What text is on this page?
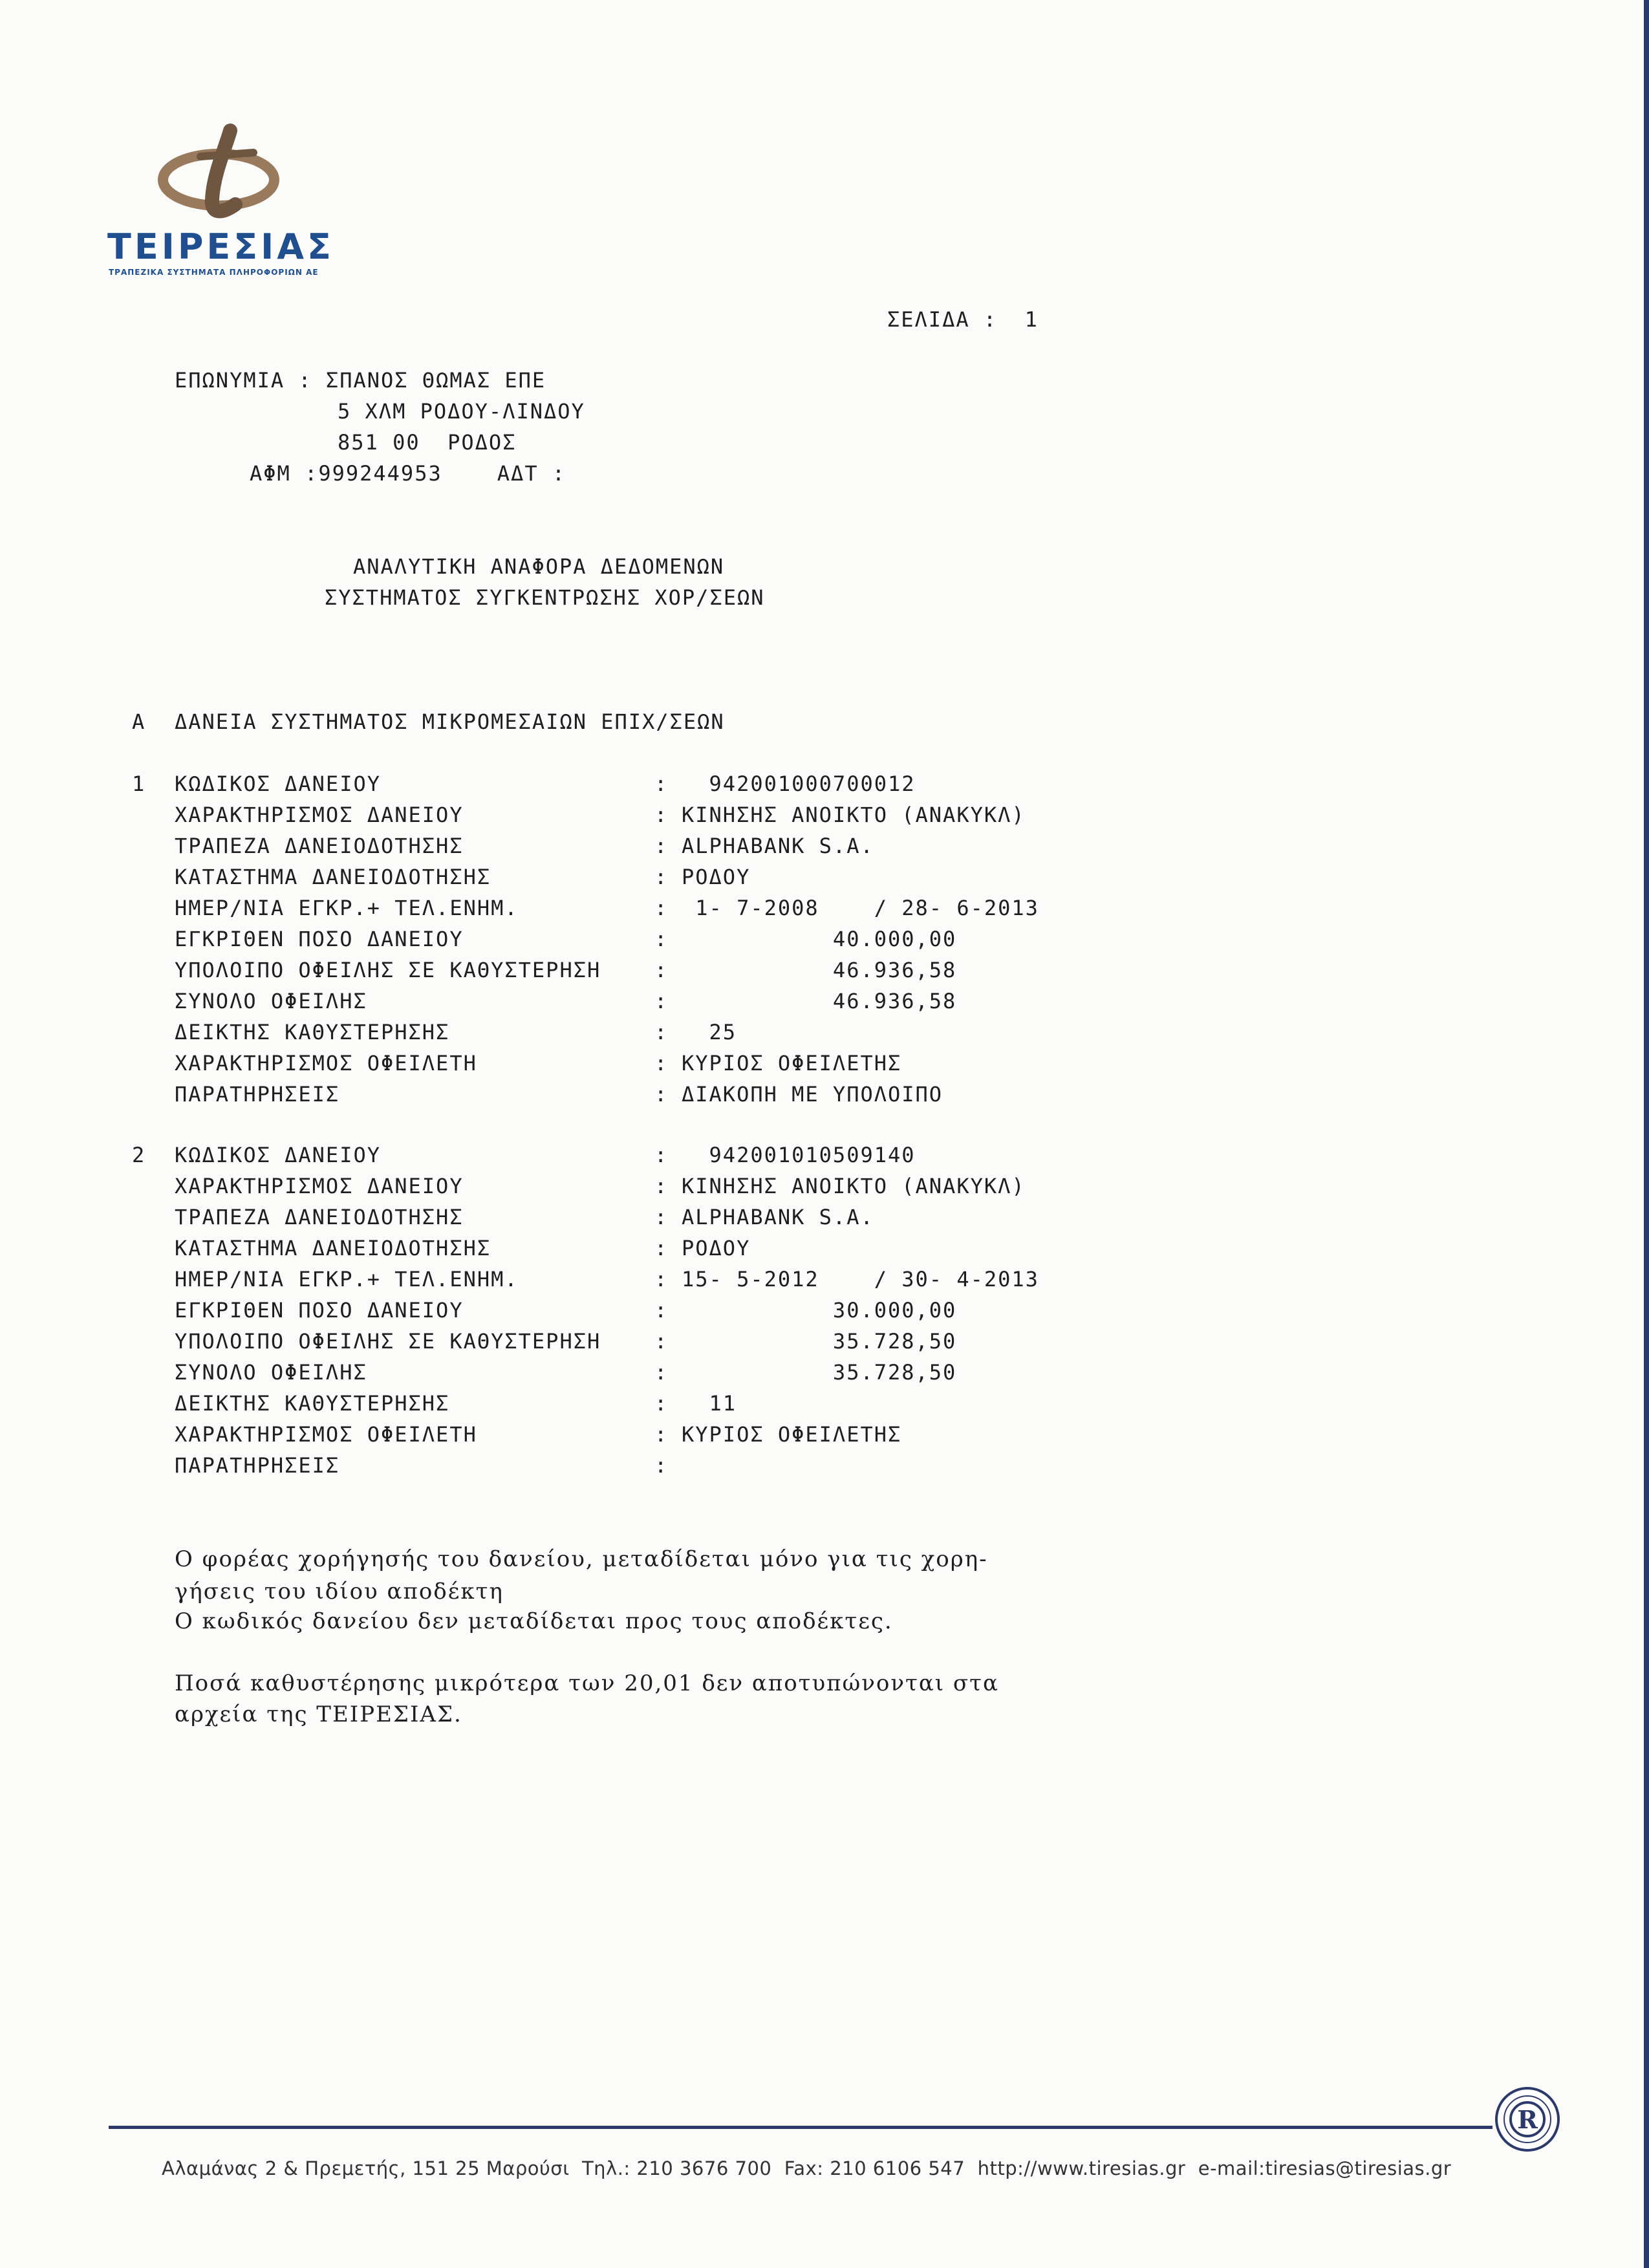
ΤΕΙΡΕΣΙΑΣ
ΤΡΑΠΕΖΙΚΑ ΣΥΣΤΗΜΑΤΑ ΠΛΗΡΟΦΟΡΙΩΝ ΑΕ
ΣΕΛΙΔΑ :  1
ΕΠΩΝΥΜΙΑ : ΣΠΑΝΟΣ ΘΩΜΑΣ ΕΠΕ
5 ΧΛΜ ΡΟΔΟΥ-ΛΙΝΔΟΥ
851 00  ΡΟΔΟΣ
ΑΦΜ :999244953    ΑΔΤ :
ΑΝΑΛΥΤΙΚΗ ΑΝΑΦΟΡΑ ΔΕΔΟΜΕΝΩΝ
ΣΥΣΤΗΜΑΤΟΣ ΣΥΓΚΕΝΤΡΩΣΗΣ ΧΟΡ/ΣΕΩΝ
Α ΔΑΝΕΙΑ ΣΥΣΤΗΜΑΤΟΣ ΜΙΚΡΟΜΕΣΑΙΩΝ ΕΠΙΧ/ΣΕΩΝ
1 ΚΩΔΙΚΟΣ ΔΑΝΕΙΟΥ	: 942001000700012
ΧΑΡΑΚΤΗΡΙΣΜΟΣ ΔΑΝΕΙΟΥ	: ΚΙΝΗΣΗΣ ΑΝΟΙΚΤΟ (ΑΝΑΚΥΚΛ)
ΤΡΑΠΕΖΑ ΔΑΝΕΙΟΔΟΤΗΣΗΣ	: ALPHABANK S.A.
ΚΑΤΑΣΤΗΜΑ ΔΑΝΕΙΟΔΟΤΗΣΗΣ	: ΡΟΔΟΥ
ΗΜΕΡ/ΝΙΑ ΕΓΚΡ.+ ΤΕΛ.ΕΝΗΜ.	: 1- 7-2008    / 28- 6-2013
ΕΓΚΡΙΘΕΝ ΠΟΣΟ ΔΑΝΕΙΟΥ	: 40.000,00
ΥΠΟΛΟΙΠΟ ΟΦΕΙΛΗΣ ΣΕ ΚΑΘΥΣΤΕΡΗΣΗ	: 46.936,58
ΣΥΝΟΛΟ ΟΦΕΙΛΗΣ	: 46.936,58
ΔΕΙΚΤΗΣ ΚΑΘΥΣΤΕΡΗΣΗΣ	: 25
ΧΑΡΑΚΤΗΡΙΣΜΟΣ ΟΦΕΙΛΕΤΗ	: ΚΥΡΙΟΣ ΟΦΕΙΛΕΤΗΣ
ΠΑΡΑΤΗΡΗΣΕΙΣ	: ΔΙΑΚΟΠΗ ΜΕ ΥΠΟΛΟΙΠΟ
2 ΚΩΔΙΚΟΣ ΔΑΝΕΙΟΥ	: 942001010509140
ΧΑΡΑΚΤΗΡΙΣΜΟΣ ΔΑΝΕΙΟΥ	: ΚΙΝΗΣΗΣ ΑΝΟΙΚΤΟ (ΑΝΑΚΥΚΛ)
ΤΡΑΠΕΖΑ ΔΑΝΕΙΟΔΟΤΗΣΗΣ	: ALPHABANK S.A.
ΚΑΤΑΣΤΗΜΑ ΔΑΝΕΙΟΔΟΤΗΣΗΣ	: ΡΟΔΟΥ
ΗΜΕΡ/ΝΙΑ ΕΓΚΡ.+ ΤΕΛ.ΕΝΗΜ.	: 15- 5-2012    / 30- 4-2013
ΕΓΚΡΙΘΕΝ ΠΟΣΟ ΔΑΝΕΙΟΥ	: 30.000,00
ΥΠΟΛΟΙΠΟ ΟΦΕΙΛΗΣ ΣΕ ΚΑΘΥΣΤΕΡΗΣΗ	: 35.728,50
ΣΥΝΟΛΟ ΟΦΕΙΛΗΣ	: 35.728,50
ΔΕΙΚΤΗΣ ΚΑΘΥΣΤΕΡΗΣΗΣ	: 11
ΧΑΡΑΚΤΗΡΙΣΜΟΣ ΟΦΕΙΛΕΤΗ	: ΚΥΡΙΟΣ ΟΦΕΙΛΕΤΗΣ
ΠΑΡΑΤΗΡΗΣΕΙΣ	:
Ο φορέας χορήγησής του δανείου, μεταδίδεται μόνο για τις χορη-
γήσεις του ιδίου αποδέκτη
Ο κωδικός δανείου δεν μεταδίδεται προς τους αποδέκτες.
Ποσά καθυστέρησης μικρότερα των 20,01 δεν αποτυπώνονται στα
αρχεία της ΤΕΙΡΕΣΙΑΣ.
R
Αλαμάνας 2 & Πρεμετής, 151 25 Μαρούσι  Τηλ.: 210 3676 700  Fax: 210 6106 547  http://www.tiresias.gr  e-mail:tiresias@tiresias.gr
